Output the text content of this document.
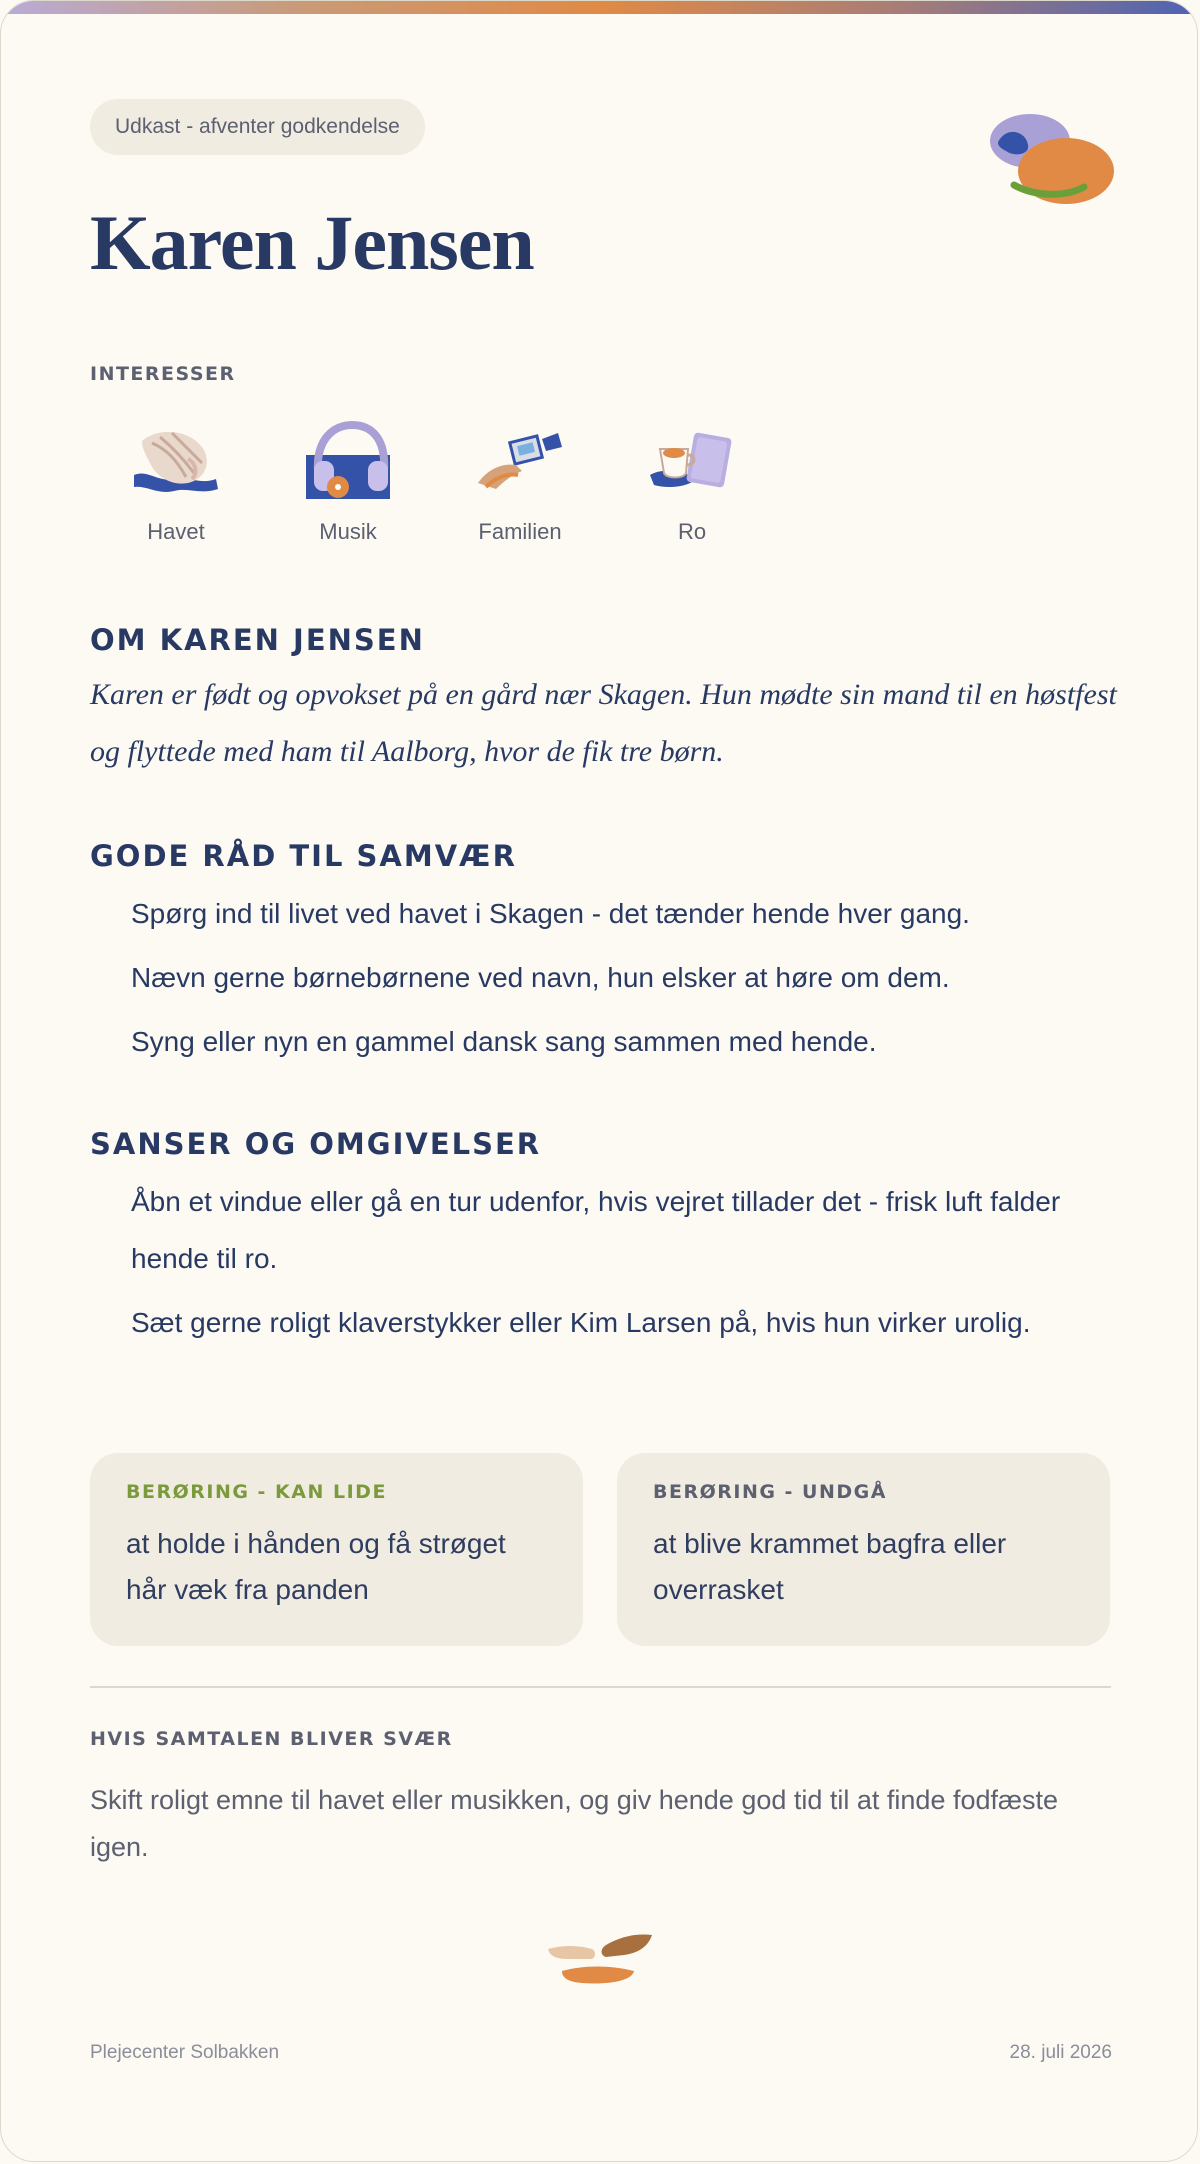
Udkast - afventer godkendelse
Karen Jensen
INTERESSER
Havet	Musik	Familien	Ro
OM KAREN JENSEN

Karen er født og opvokset på en gård nær Skagen. Hun mødte sin mand til en høstfest og flyttede med ham til Aalborg, hvor de fik tre børn.

GODE RÅD TIL SAMVÆR
Spørg ind til livet ved havet i Skagen - det tænder hende hver gang.
Nævn gerne børnebørnene ved navn, hun elsker at høre om dem.
Syng eller nyn en gammel dansk sang sammen med hende.
SANSER OG OMGIVELSER
Åbn et vindue eller gå en tur udenfor, hvis vejret tillader det - frisk luft falder hende til ro.
Sæt gerne roligt klaverstykker eller Kim Larsen på, hvis hun virker urolig.
BERØRING - KAN LIDE
at holde i hånden og få strøget hår væk fra panden
BERØRING - UNDGÅ
at blive krammet bagfra eller overrasket
HVIS SAMTALEN BLIVER SVÆR

Skift roligt emne til havet eller musikken, og giv hende god tid til at finde fodfæste igen.

Plejecenter Solbakken	28. juli 2026
